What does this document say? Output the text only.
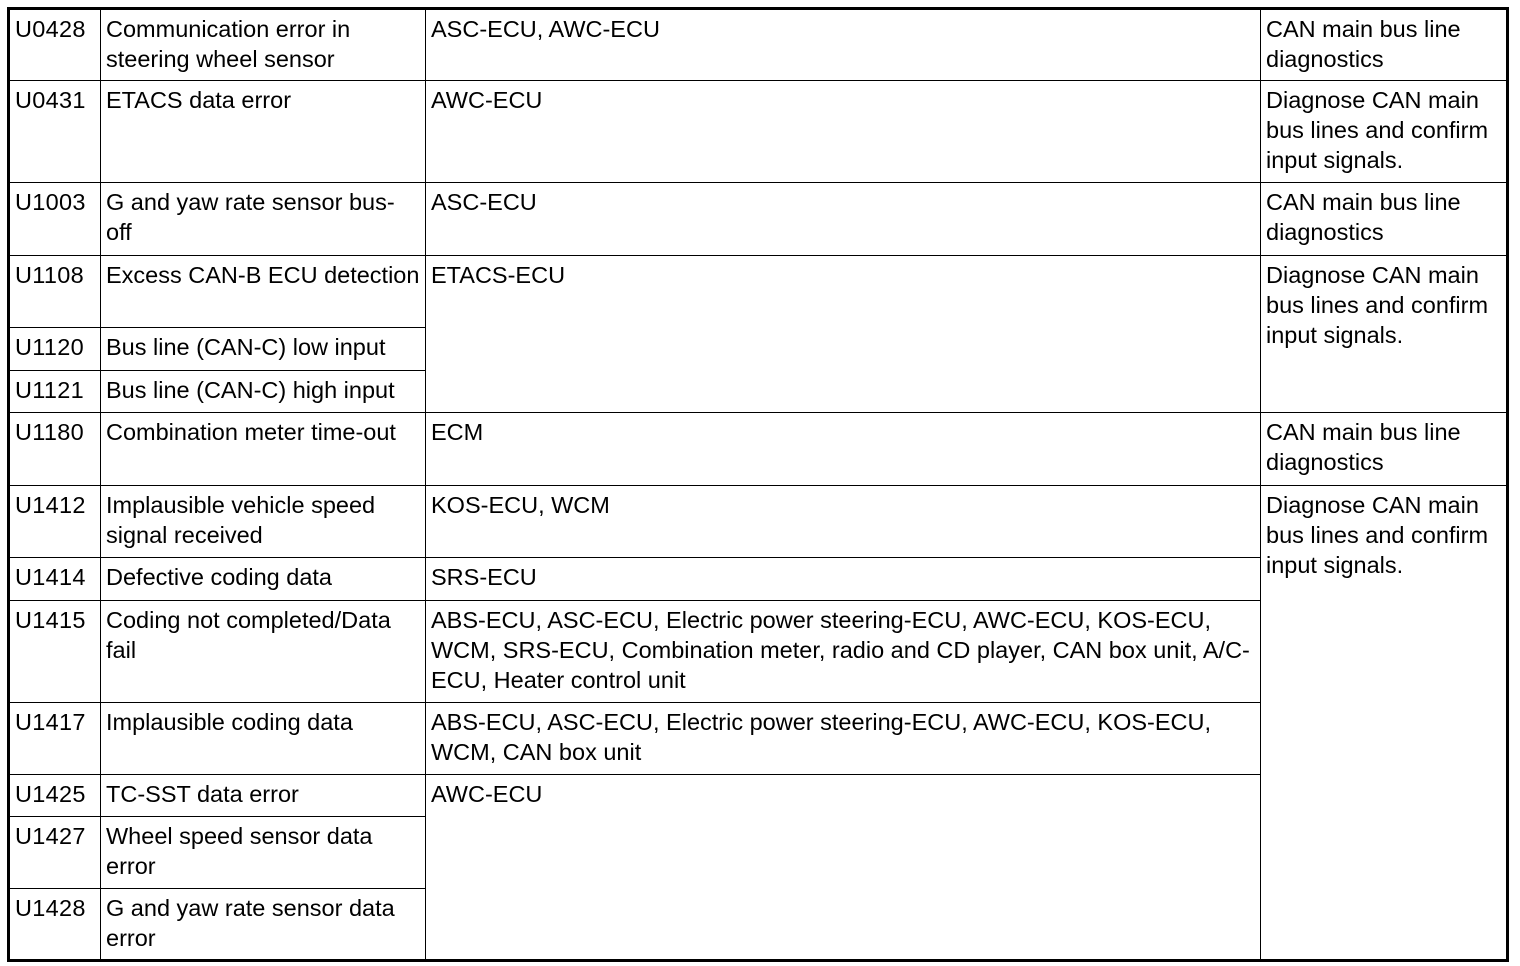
U0428	Communication error in steering wheel sensor	ASC-ECU, AWC-ECU	CAN main bus line diagnostics
U0431	ETACS data error	AWC-ECU	Diagnose CAN main bus lines and confirm input signals.
U1003	G and yaw rate sensor bus-off	ASC-ECU	CAN main bus line diagnostics
U1108	Excess CAN-B ECU detection	ETACS-ECU	Diagnose CAN main bus lines and confirm input signals.
U1120	Bus line (CAN-C) low input		
U1121	Bus line (CAN-C) high input		
U1180	Combination meter time-out	ECM	CAN main bus line diagnostics
U1412	Implausible vehicle speed signal received	KOS-ECU, WCM	Diagnose CAN main bus lines and confirm input signals.
U1414	Defective coding data	SRS-ECU	
U1415	Coding not completed/Data fail	ABS-ECU, ASC-ECU, Electric power steering-ECU, AWC-ECU, KOS-ECU, WCM, SRS-ECU, Combination meter, radio and CD player, CAN box unit, A/C-ECU, Heater control unit	
U1417	Implausible coding data	ABS-ECU, ASC-ECU, Electric power steering-ECU, AWC-ECU, KOS-ECU, WCM, CAN box unit	
U1425	TC-SST data error	AWC-ECU	
U1427	Wheel speed sensor data error		
U1428	G and yaw rate sensor data error		
